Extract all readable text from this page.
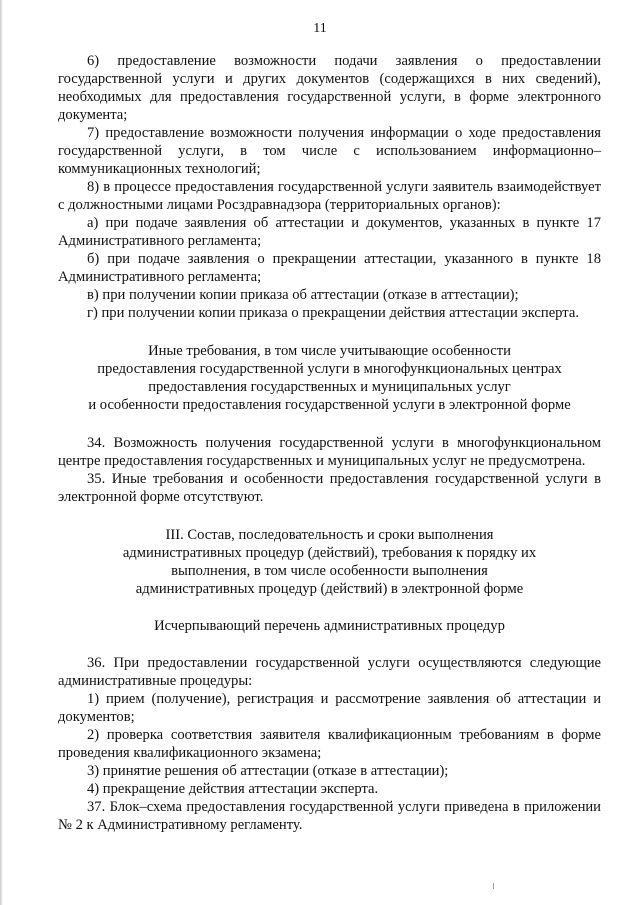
11

6) предоставление возможности подачи заявления о предоставлении государственной услуги и других документов (содержащихся в них сведений), необходимых для предоставления государственной услуги, в форме электронного документа;

7) предоставление возможности получения информации о ходе предоставления государственной услуги, в том числе с использованием информационно–коммуникационных технологий;

8) в процессе предоставления государственной услуги заявитель взаимодействует с должностными лицами Росздравнадзора (территориальных органов):

а) при подаче заявления об аттестации и документов, указанных в пункте 17 Административного регламента;

б) при подаче заявления о прекращении аттестации, указанного в пункте 18 Административного регламента;

в) при получении копии приказа об аттестации (отказе в аттестации);

г) при получении копии приказа о прекращении действия аттестации эксперта.

Иные требования, в том числе учитывающие особенности

предоставления государственной услуги в многофункциональных центрах

предоставления государственных и муниципальных услуг

и особенности предоставления государственной услуги в электронной форме

34. Возможность получения государственной услуги в многофункциональном центре предоставления государственных и муниципальных услуг не предусмотрена.

35. Иные требования и особенности предоставления государственной услуги в электронной форме отсутствуют.

III. Состав, последовательность и сроки выполнения

административных процедур (действий), требования к порядку их

выполнения, в том числе особенности выполнения

административных процедур (действий) в электронной форме

Исчерпывающий перечень административных процедур

36. При предоставлении государственной услуги осуществляются следующие административные процедуры:

1) прием (получение), регистрация и рассмотрение заявления об аттестации и документов;

2) проверка соответствия заявителя квалификационным требованиям в форме проведения квалификационного экзамена;

3) принятие решения об аттестации (отказе в аттестации);

4) прекращение действия аттестации эксперта.

37. Блок–схема предоставления государственной услуги приведена в приложении № 2 к Административному регламенту.
